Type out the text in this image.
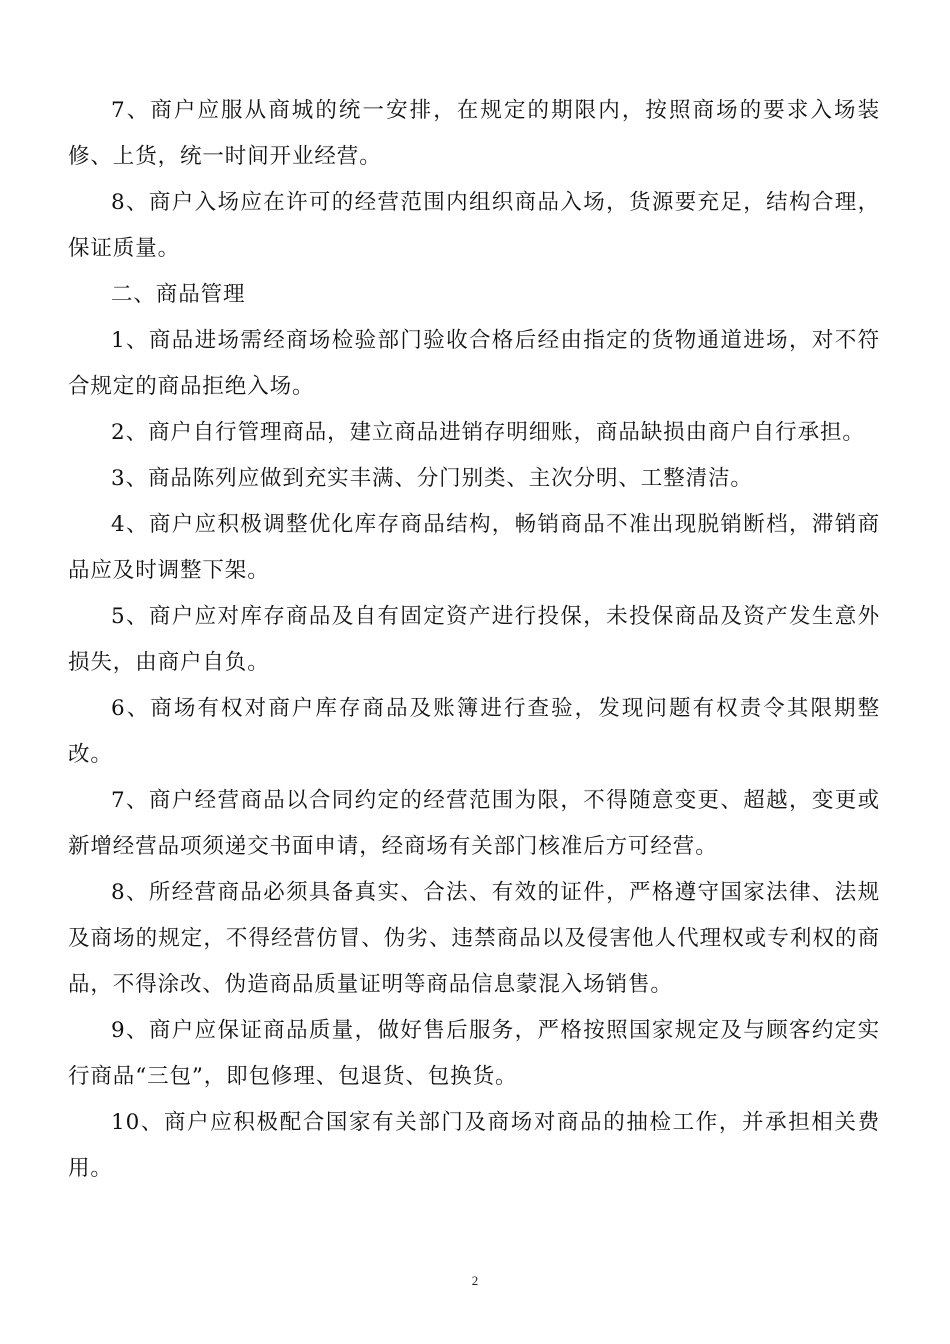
7、商户应服从商城的统一安排，在规定的期限内，按照商场的要求入场装修、上货，统一时间开业经营。

8、商户入场应在许可的经营范围内组织商品入场，货源要充足，结构合理，保证质量。

二、商品管理

1、商品进场需经商场检验部门验收合格后经由指定的货物通道进场，对不符合规定的商品拒绝入场。

2、商户自行管理商品，建立商品进销存明细账，商品缺损由商户自行承担。

3、商品陈列应做到充实丰满、分门别类、主次分明、工整清洁。

4、商户应积极调整优化库存商品结构，畅销商品不准出现脱销断档，滞销商品应及时调整下架。

5、商户应对库存商品及自有固定资产进行投保，未投保商品及资产发生意外损失，由商户自负。

6、商场有权对商户库存商品及账簿进行查验，发现问题有权责令其限期整改。

7、商户经营商品以合同约定的经营范围为限，不得随意变更、超越，变更或新增经营品项须递交书面申请，经商场有关部门核准后方可经营。

8、所经营商品必须具备真实、合法、有效的证件，严格遵守国家法律、法规及商场的规定，不得经营仿冒、伪劣、违禁商品以及侵害他人代理权或专利权的商品，不得涂改、伪造商品质量证明等商品信息蒙混入场销售。

9、商户应保证商品质量，做好售后服务，严格按照国家规定及与顾客约定实行商品“三包”，即包修理、包退货、包换货。

10、商户应积极配合国家有关部门及商场对商品的抽检工作，并承担相关费用。

2
